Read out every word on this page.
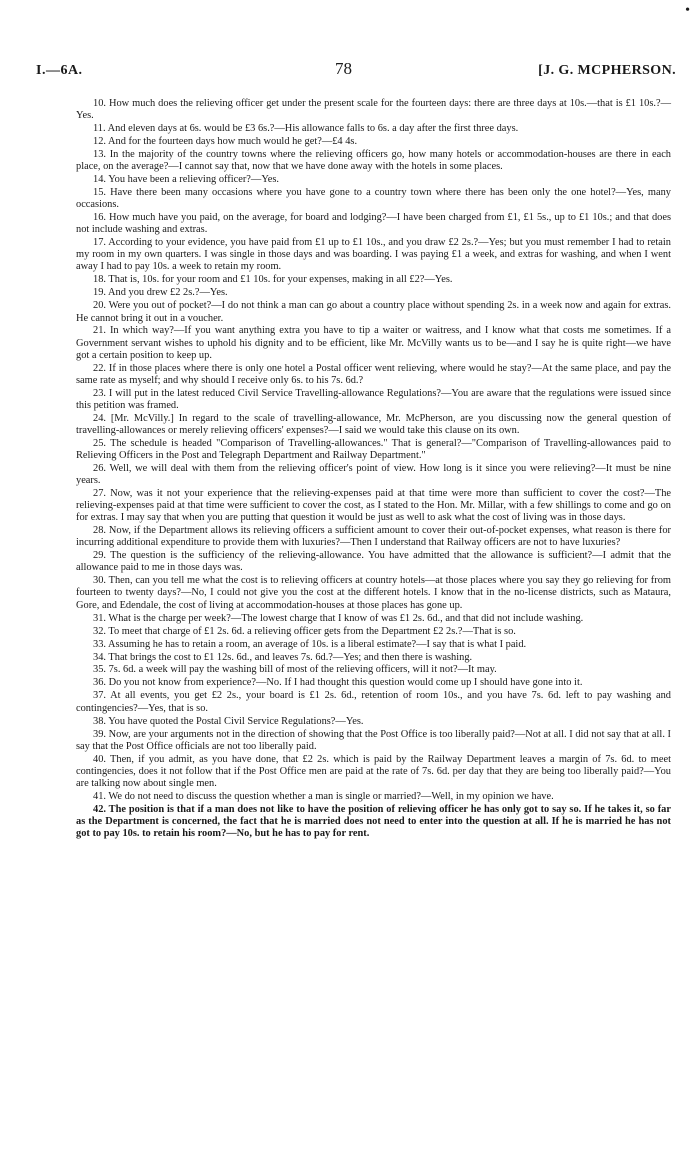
•
I.—6A.	78	[J. G. MCPHERSON.

10. How much does the relieving officer get under the present scale for the fourteen days: there are three days at 10s.—that is £1 10s.?—Yes.

11. And eleven days at 6s. would be £3 6s.?—His allowance falls to 6s. a day after the first three days.

12. And for the fourteen days how much would he get?—£4 4s.

13. In the majority of the country towns where the relieving officers go, how many hotels or accommodation-houses are there in each place, on the average?—I cannot say that, now that we have done away with the hotels in some places.

14. You have been a relieving officer?—Yes.

15. Have there been many occasions where you have gone to a country town where there has been only the one hotel?—Yes, many occasions.

16. How much have you paid, on the average, for board and lodging?—I have been charged from £1, £1 5s., up to £1 10s.; and that does not include washing and extras.

17. According to your evidence, you have paid from £1 up to £1 10s., and you draw £2 2s.?—Yes; but you must remember I had to retain my room in my own quarters. I was single in those days and was boarding. I was paying £1 a week, and extras for washing, and when I went away I had to pay 10s. a week to retain my room.

18. That is, 10s. for your room and £1 10s. for your expenses, making in all £2?—Yes.

19. And you drew £2 2s.?—Yes.

20. Were you out of pocket?—I do not think a man can go about a country place without spending 2s. in a week now and again for extras. He cannot bring it out in a voucher.

21. In which way?—If you want anything extra you have to tip a waiter or waitress, and I know what that costs me sometimes. If a Government servant wishes to uphold his dignity and to be efficient, like Mr. McVilly wants us to be—and I say he is quite right—we have got a certain position to keep up.

22. If in those places where there is only one hotel a Postal officer went relieving, where would he stay?—At the same place, and pay the same rate as myself; and why should I receive only 6s. to his 7s. 6d.?

23. I will put in the latest reduced Civil Service Travelling-allowance Regulations?—You are aware that the regulations were issued since this petition was framed.

24. [Mr. McVilly.] In regard to the scale of travelling-allowance, Mr. McPherson, are you discussing now the general question of travelling-allowances or merely relieving officers' expenses?—I said we would take this clause on its own.

25. The schedule is headed "Comparison of Travelling-allowances." That is general?—"Comparison of Travelling-allowances paid to Relieving Officers in the Post and Telegraph Department and Railway Department."

26. Well, we will deal with them from the relieving officer's point of view. How long is it since you were relieving?—It must be nine years.

27. Now, was it not your experience that the relieving-expenses paid at that time were more than sufficient to cover the cost?—The relieving-expenses paid at that time were sufficient to cover the cost, as I stated to the Hon. Mr. Millar, with a few shillings to come and go on for extras. I may say that when you are putting that question it would be just as well to ask what the cost of living was in those days.

28. Now, if the Department allows its relieving officers a sufficient amount to cover their out-of-pocket expenses, what reason is there for incurring additional expenditure to provide them with luxuries?—Then I understand that Railway officers are not to have luxuries?

29. The question is the sufficiency of the relieving-allowance. You have admitted that the allowance is sufficient?—I admit that the allowance paid to me in those days was.

30. Then, can you tell me what the cost is to relieving officers at country hotels—at those places where you say they go relieving for from fourteen to twenty days?—No, I could not give you the cost at the different hotels. I know that in the no-license districts, such as Mataura, Gore, and Edendale, the cost of living at accommodation-houses at those places has gone up.

31. What is the charge per week?—The lowest charge that I know of was £1 2s. 6d., and that did not include washing.

32. To meet that charge of £1 2s. 6d. a relieving officer gets from the Department £2 2s.?—That is so.

33. Assuming he has to retain a room, an average of 10s. is a liberal estimate?—I say that is what I paid.

34. That brings the cost to £1 12s. 6d., and leaves 7s. 6d.?—Yes; and then there is washing.

35. 7s. 6d. a week will pay the washing bill of most of the relieving officers, will it not?—It may.

36. Do you not know from experience?—No. If I had thought this question would come up I should have gone into it.

37. At all events, you get £2 2s., your board is £1 2s. 6d., retention of room 10s., and you have 7s. 6d. left to pay washing and contingencies?—Yes, that is so.

38. You have quoted the Postal Civil Service Regulations?—Yes.

39. Now, are your arguments not in the direction of showing that the Post Office is too liberally paid?—Not at all. I did not say that at all. I say that the Post Office officials are not too liberally paid.

40. Then, if you admit, as you have done, that £2 2s. which is paid by the Railway Department leaves a margin of 7s. 6d. to meet contingencies, does it not follow that if the Post Office men are paid at the rate of 7s. 6d. per day that they are being too liberally paid?—You are talking now about single men.

41. We do not need to discuss the question whether a man is single or married?—Well, in my opinion we have.

42. The position is that if a man does not like to have the position of relieving officer he has only got to say so. If he takes it, so far as the Department is concerned, the fact that he is married does not need to enter into the question at all. If he is married he has not got to pay 10s. to retain his room?—No, but he has to pay for rent.
